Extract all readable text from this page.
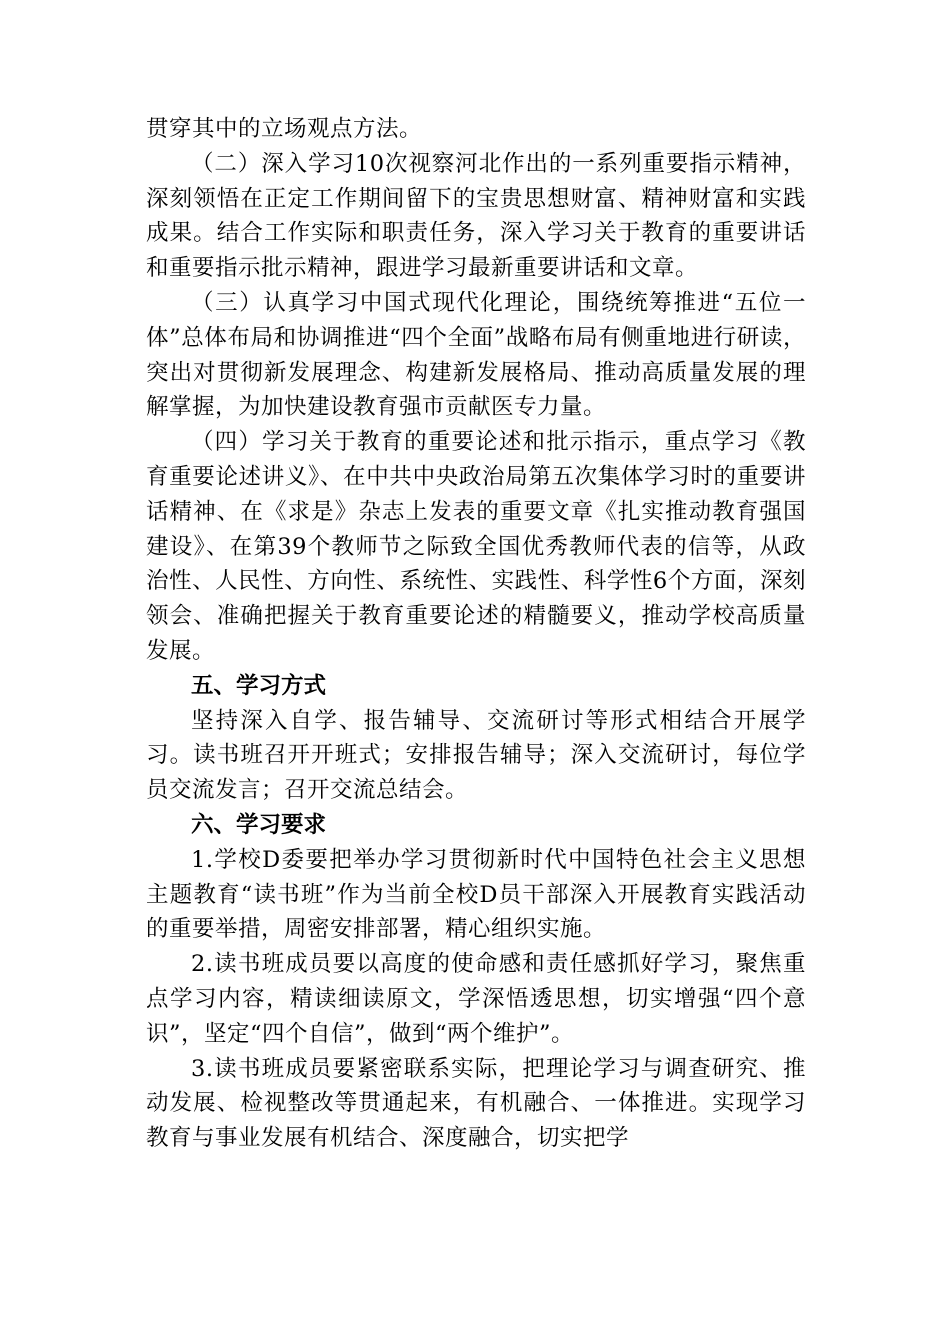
贯穿其中的立场观点方法。

（二）深入学习10次视察河北作出的一系列重要指示精神，深刻领悟在正定工作期间留下的宝贵思想财富、精神财富和实践成果。结合工作实际和职责任务，深入学习关于教育的重要讲话和重要指示批示精神，跟进学习最新重要讲话和文章。

（三）认真学习中国式现代化理论，围绕统筹推进“五位一体”总体布局和协调推进“四个全面”战略布局有侧重地进行研读，突出对贯彻新发展理念、构建新发展格局、推动高质量发展的理解掌握，为加快建设教育强市贡献医专力量。

（四）学习关于教育的重要论述和批示指示，重点学习《教育重要论述讲义》、在中共中央政治局第五次集体学习时的重要讲话精神、在《求是》杂志上发表的重要文章《扎实推动教育强国建设》、在第39个教师节之际致全国优秀教师代表的信等，从政治性、人民性、方向性、系统性、实践性、科学性6个方面，深刻领会、准确把握关于教育重要论述的精髓要义，推动学校高质量发展。

五、学习方式

坚持深入自学、报告辅导、交流研讨等形式相结合开展学习。读书班召开开班式；安排报告辅导；深入交流研讨，每位学员交流发言；召开交流总结会。

六、学习要求

1.学校D委要把举办学习贯彻新时代中国特色社会主义思想主题教育“读书班”作为当前全校D员干部深入开展教育实践活动的重要举措，周密安排部署，精心组织实施。

2.读书班成员要以高度的使命感和责任感抓好学习，聚焦重点学习内容，精读细读原文，学深悟透思想，切实增强“四个意识”，坚定“四个自信”，做到“两个维护”。

3.读书班成员要紧密联系实际，把理论学习与调查研究、推动发展、检视整改等贯通起来，有机融合、一体推进。实现学习教育与事业发展有机结合、深度融合，切实把学
